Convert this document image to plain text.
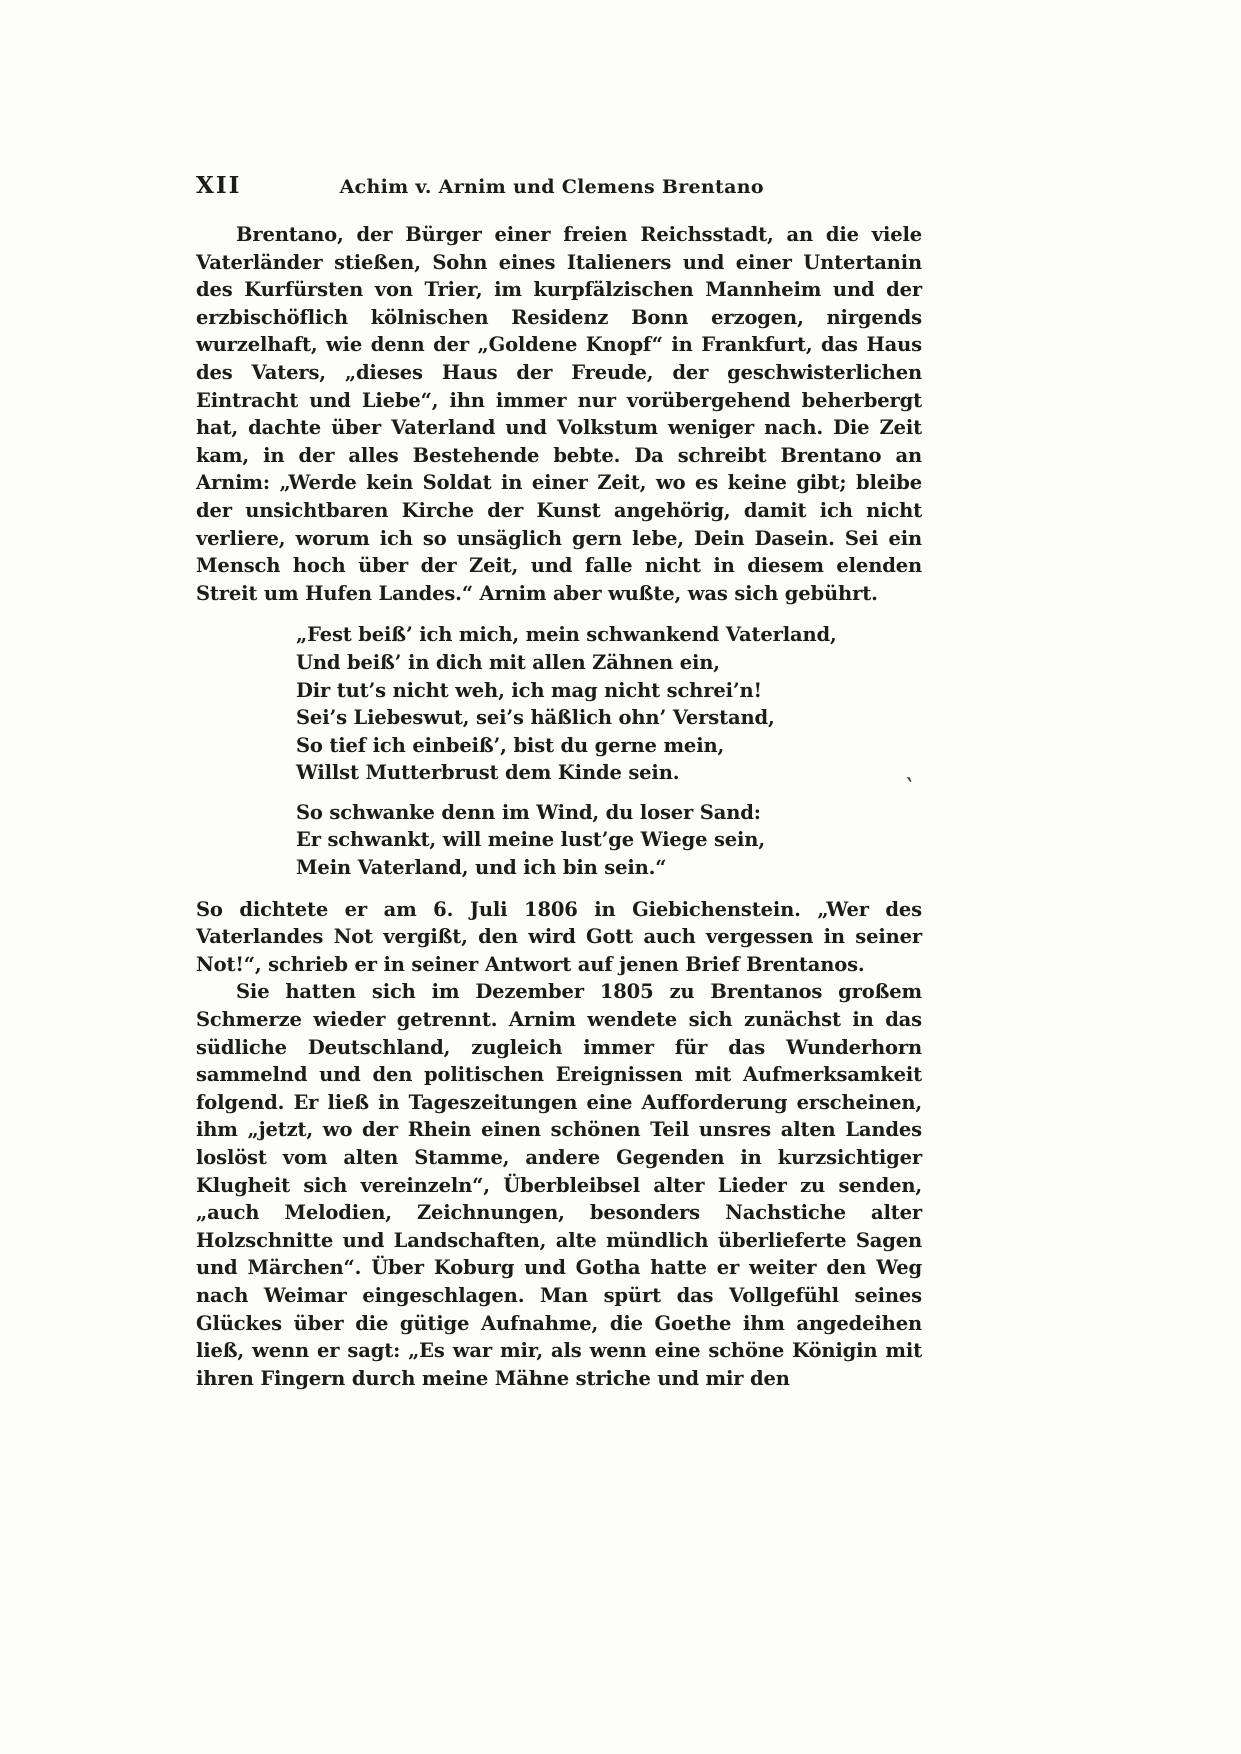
XII	Achim v. Arnim und Clemens Brentano

Brentano, der Bürger einer freien Reichsstadt, an die viele Vaterländer stießen, Sohn eines Italieners und einer Untertanin des Kurfürsten von Trier, im kurpfälzischen Mannheim und der erzbischöflich kölnischen Residenz Bonn erzogen, nirgends wurzelhaft, wie denn der „Goldene Knopf“ in Frankfurt, das Haus des Vaters, „dieses Haus der Freude, der geschwisterlichen Eintracht und Liebe“, ihn immer nur vorübergehend beherbergt hat, dachte über Vaterland und Volkstum weniger nach. Die Zeit kam, in der alles Bestehende bebte. Da schreibt Brentano an Arnim: „Werde kein Soldat in einer Zeit, wo es keine gibt; bleibe der unsichtbaren Kirche der Kunst angehörig, damit ich nicht verliere, worum ich so unsäglich gern lebe, Dein Dasein. Sei ein Mensch hoch über der Zeit, und falle nicht in diesem elenden Streit um Hufen Landes.“ Arnim aber wußte, was sich gebührt.

„Fest beiß’ ich mich, mein schwankend Vaterland,
Und beiß’ in dich mit allen Zähnen ein,
Dir tut’s nicht weh, ich mag nicht schrei’n!
Sei’s Liebeswut, sei’s häßlich ohn’ Verstand,
So tief ich einbeiß’, bist du gerne mein,
Willst Mutterbrust dem Kinde sein.
So schwanke denn im Wind, du loser Sand:
Er schwankt, will meine lust’ge Wiege sein,
Mein Vaterland, und ich bin sein.“

So dichtete er am 6. Juli 1806 in Giebichenstein. „Wer des Vaterlandes Not vergißt, den wird Gott auch vergessen in seiner Not!“, schrieb er in seiner Antwort auf jenen Brief Brentanos.

Sie hatten sich im Dezember 1805 zu Brentanos großem Schmerze wieder getrennt. Arnim wendete sich zunächst in das südliche Deutschland, zugleich immer für das Wunderhorn sammelnd und den politischen Ereignissen mit Aufmerksamkeit folgend. Er ließ in Tageszeitungen eine Aufforderung erscheinen, ihm „jetzt, wo der Rhein einen schönen Teil unsres alten Landes loslöst vom alten Stamme, andere Gegenden in kurzsichtiger Klugheit sich vereinzeln“, Überbleibsel alter Lieder zu senden, „auch Melodien, Zeichnungen, besonders Nachstiche alter Holzschnitte und Landschaften, alte mündlich überlieferte Sagen und Märchen“. Über Koburg und Gotha hatte er weiter den Weg nach Weimar eingeschlagen. Man spürt das Vollgefühl seines Glückes über die gütige Aufnahme, die Goethe ihm angedeihen ließ, wenn er sagt: „Es war mir, als wenn eine schöne Königin mit ihren Fingern durch meine Mähne striche und mir den

`
